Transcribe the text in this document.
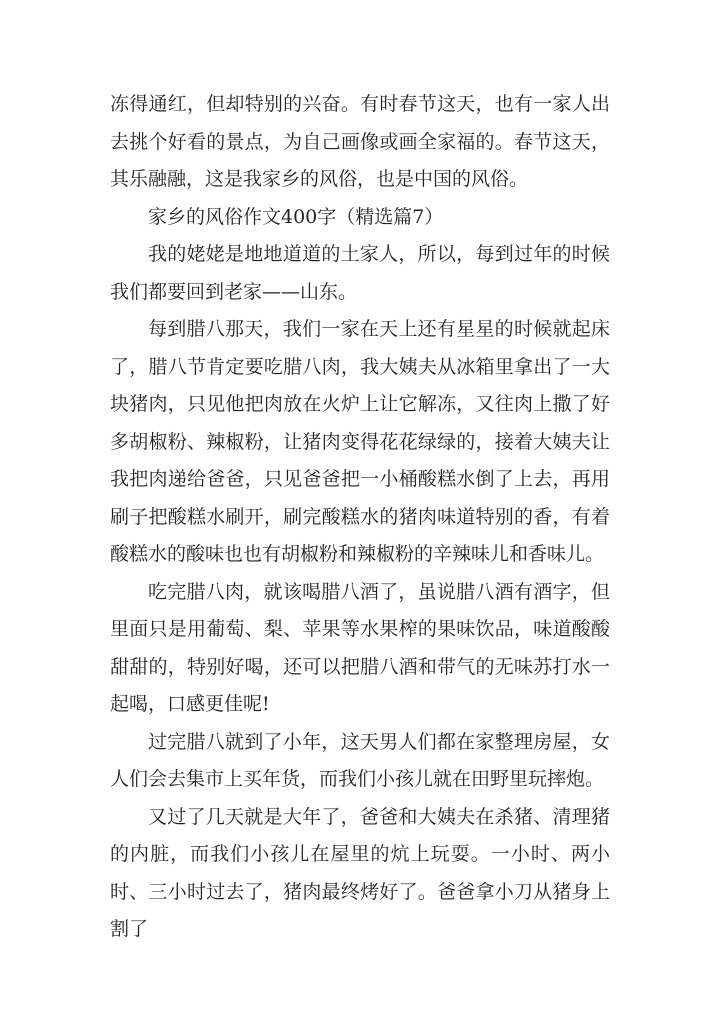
冻得通红，但却特别的兴奋。有时春节这天，也有一家人出去挑个好看的景点，为自己画像或画全家福的。春节这天，其乐融融，这是我家乡的风俗，也是中国的风俗。

家乡的风俗作文400字（精选篇7）

我的姥姥是地地道道的土家人，所以，每到过年的时候我们都要回到老家——山东。

每到腊八那天，我们一家在天上还有星星的时候就起床了，腊八节肯定要吃腊八肉，我大姨夫从冰箱里拿出了一大块猪肉，只见他把肉放在火炉上让它解冻，又往肉上撒了好多胡椒粉、辣椒粉，让猪肉变得花花绿绿的，接着大姨夫让我把肉递给爸爸，只见爸爸把一小桶酸糕水倒了上去，再用刷子把酸糕水刷开，刷完酸糕水的猪肉味道特别的香，有着酸糕水的酸味也也有胡椒粉和辣椒粉的辛辣味儿和香味儿。

吃完腊八肉，就该喝腊八酒了，虽说腊八酒有酒字，但里面只是用葡萄、梨、苹果等水果榨的果味饮品，味道酸酸甜甜的，特别好喝，还可以把腊八酒和带气的无味苏打水一起喝，口感更佳呢!

过完腊八就到了小年，这天男人们都在家整理房屋，女人们会去集市上买年货，而我们小孩儿就在田野里玩摔炮。

又过了几天就是大年了，爸爸和大姨夫在杀猪、清理猪的内脏，而我们小孩儿在屋里的炕上玩耍。一小时、两小时、三小时过去了，猪肉最终烤好了。爸爸拿小刀从猪身上割了
